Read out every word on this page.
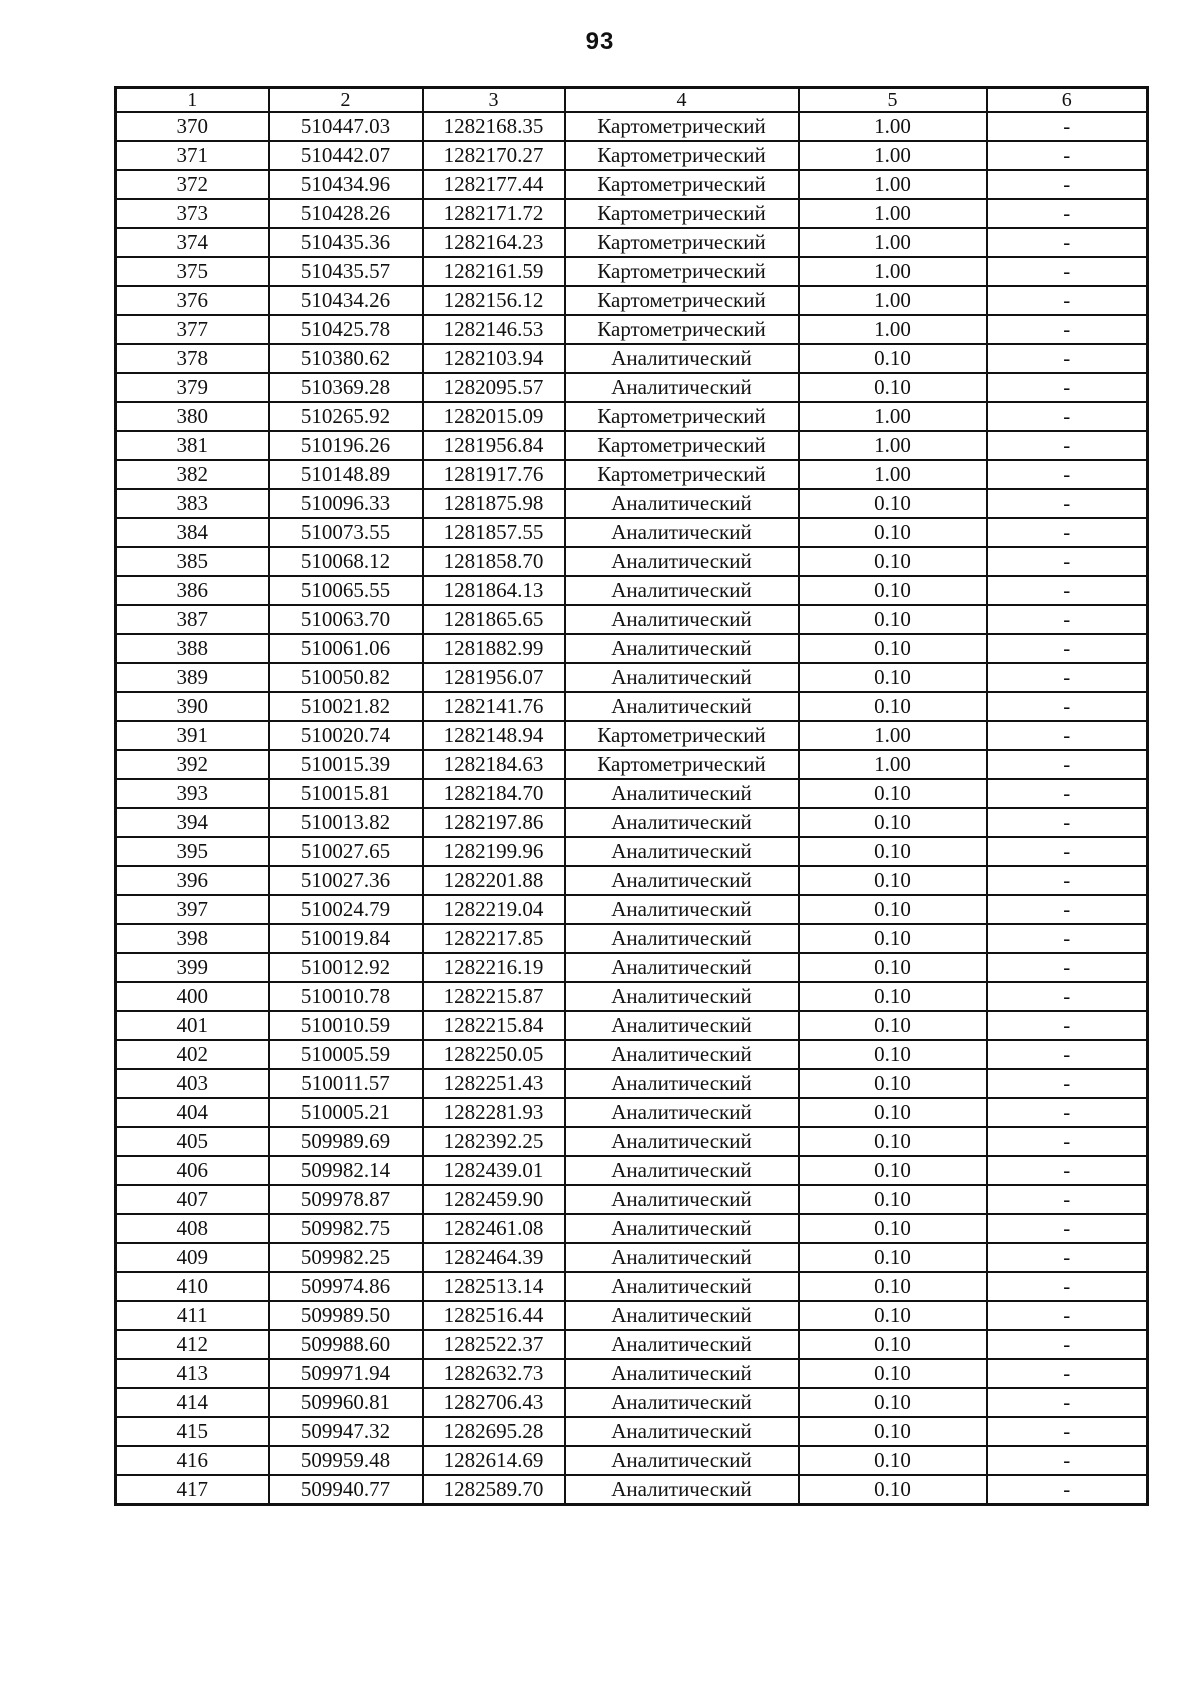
93
1	2	3	4	5	6
370	510447.03	1282168.35	Картометрический	1.00	-
371	510442.07	1282170.27	Картометрический	1.00	-
372	510434.96	1282177.44	Картометрический	1.00	-
373	510428.26	1282171.72	Картометрический	1.00	-
374	510435.36	1282164.23	Картометрический	1.00	-
375	510435.57	1282161.59	Картометрический	1.00	-
376	510434.26	1282156.12	Картометрический	1.00	-
377	510425.78	1282146.53	Картометрический	1.00	-
378	510380.62	1282103.94	Аналитический	0.10	-
379	510369.28	1282095.57	Аналитический	0.10	-
380	510265.92	1282015.09	Картометрический	1.00	-
381	510196.26	1281956.84	Картометрический	1.00	-
382	510148.89	1281917.76	Картометрический	1.00	-
383	510096.33	1281875.98	Аналитический	0.10	-
384	510073.55	1281857.55	Аналитический	0.10	-
385	510068.12	1281858.70	Аналитический	0.10	-
386	510065.55	1281864.13	Аналитический	0.10	-
387	510063.70	1281865.65	Аналитический	0.10	-
388	510061.06	1281882.99	Аналитический	0.10	-
389	510050.82	1281956.07	Аналитический	0.10	-
390	510021.82	1282141.76	Аналитический	0.10	-
391	510020.74	1282148.94	Картометрический	1.00	-
392	510015.39	1282184.63	Картометрический	1.00	-
393	510015.81	1282184.70	Аналитический	0.10	-
394	510013.82	1282197.86	Аналитический	0.10	-
395	510027.65	1282199.96	Аналитический	0.10	-
396	510027.36	1282201.88	Аналитический	0.10	-
397	510024.79	1282219.04	Аналитический	0.10	-
398	510019.84	1282217.85	Аналитический	0.10	-
399	510012.92	1282216.19	Аналитический	0.10	-
400	510010.78	1282215.87	Аналитический	0.10	-
401	510010.59	1282215.84	Аналитический	0.10	-
402	510005.59	1282250.05	Аналитический	0.10	-
403	510011.57	1282251.43	Аналитический	0.10	-
404	510005.21	1282281.93	Аналитический	0.10	-
405	509989.69	1282392.25	Аналитический	0.10	-
406	509982.14	1282439.01	Аналитический	0.10	-
407	509978.87	1282459.90	Аналитический	0.10	-
408	509982.75	1282461.08	Аналитический	0.10	-
409	509982.25	1282464.39	Аналитический	0.10	-
410	509974.86	1282513.14	Аналитический	0.10	-
411	509989.50	1282516.44	Аналитический	0.10	-
412	509988.60	1282522.37	Аналитический	0.10	-
413	509971.94	1282632.73	Аналитический	0.10	-
414	509960.81	1282706.43	Аналитический	0.10	-
415	509947.32	1282695.28	Аналитический	0.10	-
416	509959.48	1282614.69	Аналитический	0.10	-
417	509940.77	1282589.70	Аналитический	0.10	-
